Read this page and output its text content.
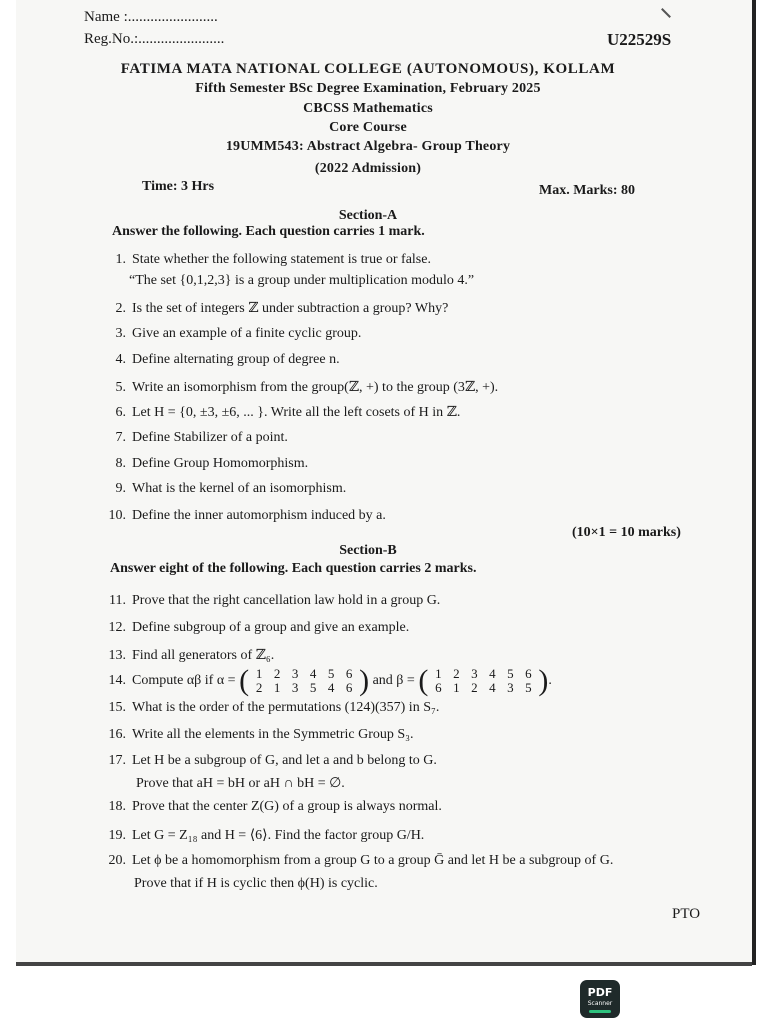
Name :........................
Reg.No.:.......................	U22529S
FATIMA MATA NATIONAL COLLEGE (AUTONOMOUS), KOLLAM
Fifth Semester BSc Degree Examination, February 2025
CBCSS Mathematics
Core Course
19UMM543: Abstract Algebra- Group Theory
(2022 Admission)
Time: 3 Hrs	Max. Marks: 80
Section-A
Answer the following. Each question carries 1 mark.
1. State whether the following statement is true or false.
“The set {0,1,2,3} is a group under multiplication modulo 4.”
2. Is the set of integers ℤ under subtraction a group? Why?
3. Give an example of a finite cyclic group.
4. Define alternating group of degree n.
5. Write an isomorphism from the group(ℤ, +) to the group (3ℤ, +).
6. Let H = {0, ±3, ±6, ... }. Write all the left cosets of H in ℤ.
7. Define Stabilizer of a point.
8. Define Group Homomorphism.
9. What is the kernel of an isomorphism.
10. Define the inner automorphism induced by a.
(10×1 = 10 marks)
Section-B
Answer eight of the following. Each question carries 2 marks.
11. Prove that the right cancellation law hold in a group G.
12. Define subgroup of a group and give an example.
13. Find all generators of ℤ₆.
14. Compute αβ if α = ( 1 2 3 4 5 6
2 1 3 5 4 6 ) and β = ( 1 2 3 4 5 6
6 1 2 4 3 5 ) .
15. What is the order of the permutations (124)(357) in S₇.
16. Write all the elements in the Symmetric Group S₃.
17. Let H be a subgroup of G, and let a and b belong to G.
Prove that aH = bH or aH ∩ bH = ∅.
18. Prove that the center Z(G) of a group is always normal.
19. Let G = Z₁₈ and H = ⟨6⟩. Find the factor group G/H.
20. Let ϕ be a homomorphism from a group G to a group Ḡ and let H be a subgroup of G.
Prove that if H is cyclic then ϕ(H) is cyclic.
PTO
PDF
Scanner
